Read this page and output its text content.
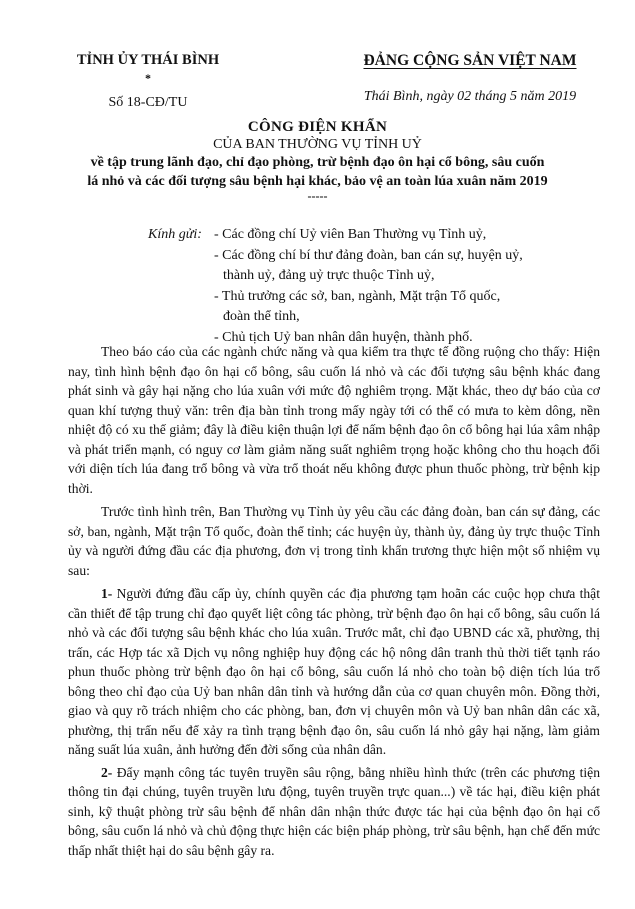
TỈNH ỦY THÁI BÌNH
*
Số 18-CĐ/TU
ĐẢNG CỘNG SẢN VIỆT NAM
Thái Bình, ngày 02 tháng 5 năm 2019
CÔNG ĐIỆN KHẨN
CỦA BAN THƯỜNG VỤ TỈNH UỶ
về tập trung lãnh đạo, chỉ đạo phòng, trừ bệnh đạo ôn hại cổ bông, sâu cuốn
lá nhỏ và các đối tượng sâu bệnh hại khác, bảo vệ an toàn lúa xuân năm 2019
-----
Kính gửi: - Các đồng chí Uỷ viên Ban Thường vụ Tỉnh uỷ,
- Các đồng chí bí thư đảng đoàn, ban cán sự, huyện uỷ,
thành uỷ, đảng uỷ trực thuộc Tỉnh uỷ,
- Thủ trưởng các sở, ban, ngành, Mặt trận Tổ quốc,
đoàn thể tỉnh,
- Chủ tịch Uỷ ban nhân dân huyện, thành phố.

Theo báo cáo của các ngành chức năng và qua kiểm tra thực tế đồng ruộng cho thấy: Hiện nay, tình hình bệnh đạo ôn hại cổ bông, sâu cuốn lá nhỏ và các đối tượng sâu bệnh khác đang phát sinh và gây hại nặng cho lúa xuân với mức độ nghiêm trọng. Mặt khác, theo dự báo của cơ quan khí tượng thuỷ văn: trên địa bàn tỉnh trong mấy ngày tới có thể có mưa to kèm dông, nền nhiệt độ có xu thế giảm; đây là điều kiện thuận lợi để nấm bệnh đạo ôn cổ bông hại lúa xâm nhập và phát triển mạnh, có nguy cơ làm giảm năng suất nghiêm trọng hoặc không cho thu hoạch đối với diện tích lúa đang trổ bông và vừa trổ thoát nếu không được phun thuốc phòng, trừ bệnh kịp thời.

Trước tình hình trên, Ban Thường vụ Tỉnh ủy yêu cầu các đảng đoàn, ban cán sự đảng, các sở, ban, ngành, Mặt trận Tổ quốc, đoàn thể tỉnh; các huyện ủy, thành ủy, đảng ủy trực thuộc Tỉnh ủy và người đứng đầu các địa phương, đơn vị trong tỉnh khẩn trương thực hiện một số nhiệm vụ sau:

1- Người đứng đầu cấp ủy, chính quyền các địa phương tạm hoãn các cuộc họp chưa thật cần thiết để tập trung chỉ đạo quyết liệt công tác phòng, trừ bệnh đạo ôn hại cổ bông, sâu cuốn lá nhỏ và các đối tượng sâu bệnh khác cho lúa xuân. Trước mắt, chỉ đạo UBND các xã, phường, thị trấn, các Hợp tác xã Dịch vụ nông nghiệp huy động các hộ nông dân tranh thủ thời tiết tạnh ráo phun thuốc phòng trừ bệnh đạo ôn hại cổ bông, sâu cuốn lá nhỏ cho toàn bộ diện tích lúa trổ bông theo chỉ đạo của Uỷ ban nhân dân tỉnh và hướng dẫn của cơ quan chuyên môn. Đồng thời, giao và quy rõ trách nhiệm cho các phòng, ban, đơn vị chuyên môn và Uỷ ban nhân dân các xã, phường, thị trấn nếu để xảy ra tình trạng bệnh đạo ôn, sâu cuốn lá nhỏ gây hại nặng, làm giảm năng suất lúa xuân, ảnh hưởng đến đời sống của nhân dân.

2- Đẩy mạnh công tác tuyên truyền sâu rộng, bằng nhiều hình thức (trên các phương tiện thông tin đại chúng, tuyên truyền lưu động, tuyên truyền trực quan...) về tác hại, điều kiện phát sinh, kỹ thuật phòng trừ sâu bệnh để nhân dân nhận thức được tác hại của bệnh đạo ôn hại cổ bông, sâu cuốn lá nhỏ và chủ động thực hiện các biện pháp phòng, trừ sâu bệnh, hạn chế đến mức thấp nhất thiệt hại do sâu bệnh gây ra.
